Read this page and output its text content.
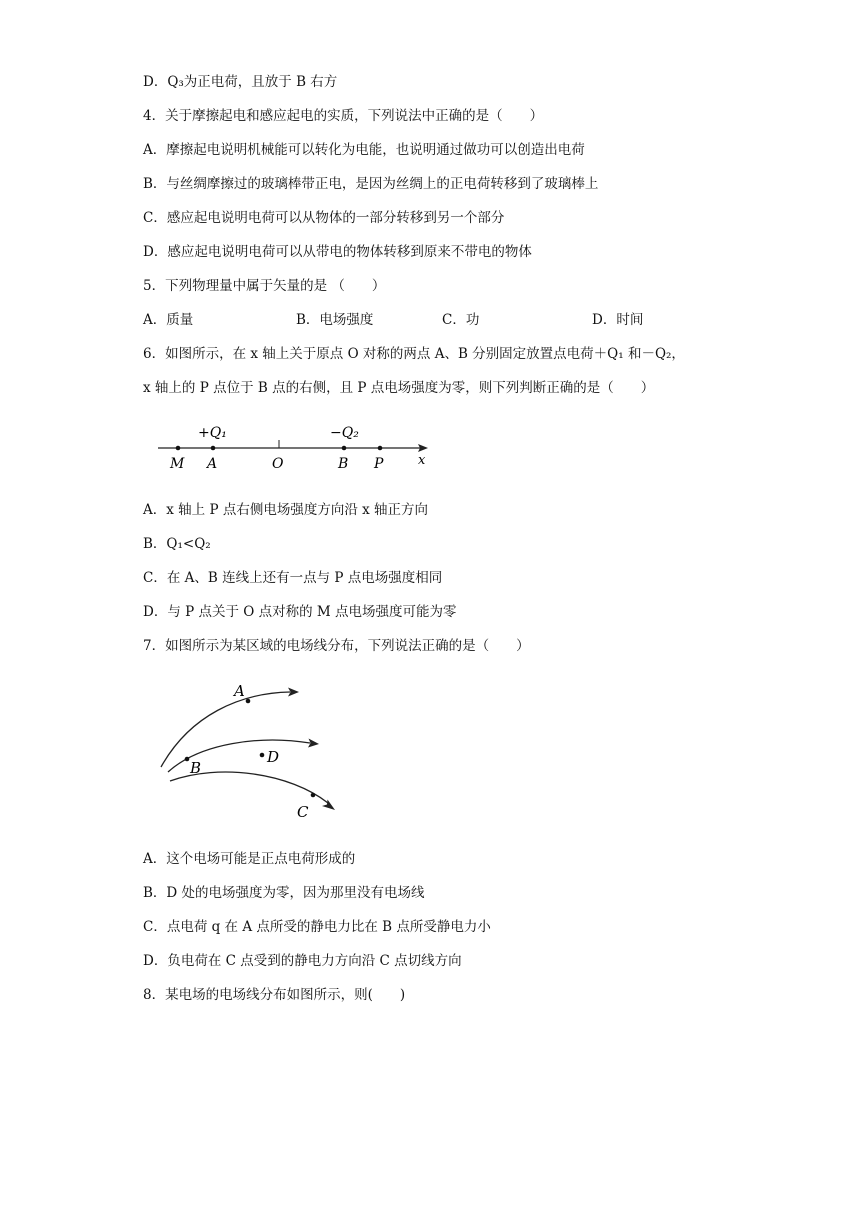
D．Q₃为正电荷，且放于 B 右方
4．关于摩擦起电和感应起电的实质，下列说法中正确的是（　　）
A．摩擦起电说明机械能可以转化为电能，也说明通过做功可以创造出电荷
B．与丝绸摩擦过的玻璃棒带正电，是因为丝绸上的正电荷转移到了玻璃棒上
C．感应起电说明电荷可以从物体的一部分转移到另一个部分
D．感应起电说明电荷可以从带电的物体转移到原来不带电的物体
5．下列物理量中属于矢量的是 （　　）
A．质量	B．电场强度	C．功	D．时间
6．如图所示，在 x 轴上关于原点 O 对称的两点 A、B 分别固定放置点电荷＋Q₁ 和－Q₂，
x 轴上的 P 点位于 B 点的右侧，且 P 点电场强度为零，则下列判断正确的是（　　）
+Q₁	−Q₂
M A	O	B P	x
A．x 轴上 P 点右侧电场强度方向沿 x 轴正方向
B．Q₁<Q₂
C．在 A、B 连线上还有一点与 P 点电场强度相同
D．与 P 点关于 O 点对称的 M 点电场强度可能为零
7．如图所示为某区域的电场线分布，下列说法正确的是（　　）
A
B
D
C
A．这个电场可能是正点电荷形成的
B．D 处的电场强度为零，因为那里没有电场线
C．点电荷 q 在 A 点所受的静电力比在 B 点所受静电力小
D．负电荷在 C 点受到的静电力方向沿 C 点切线方向
8．某电场的电场线分布如图所示，则(　　)
